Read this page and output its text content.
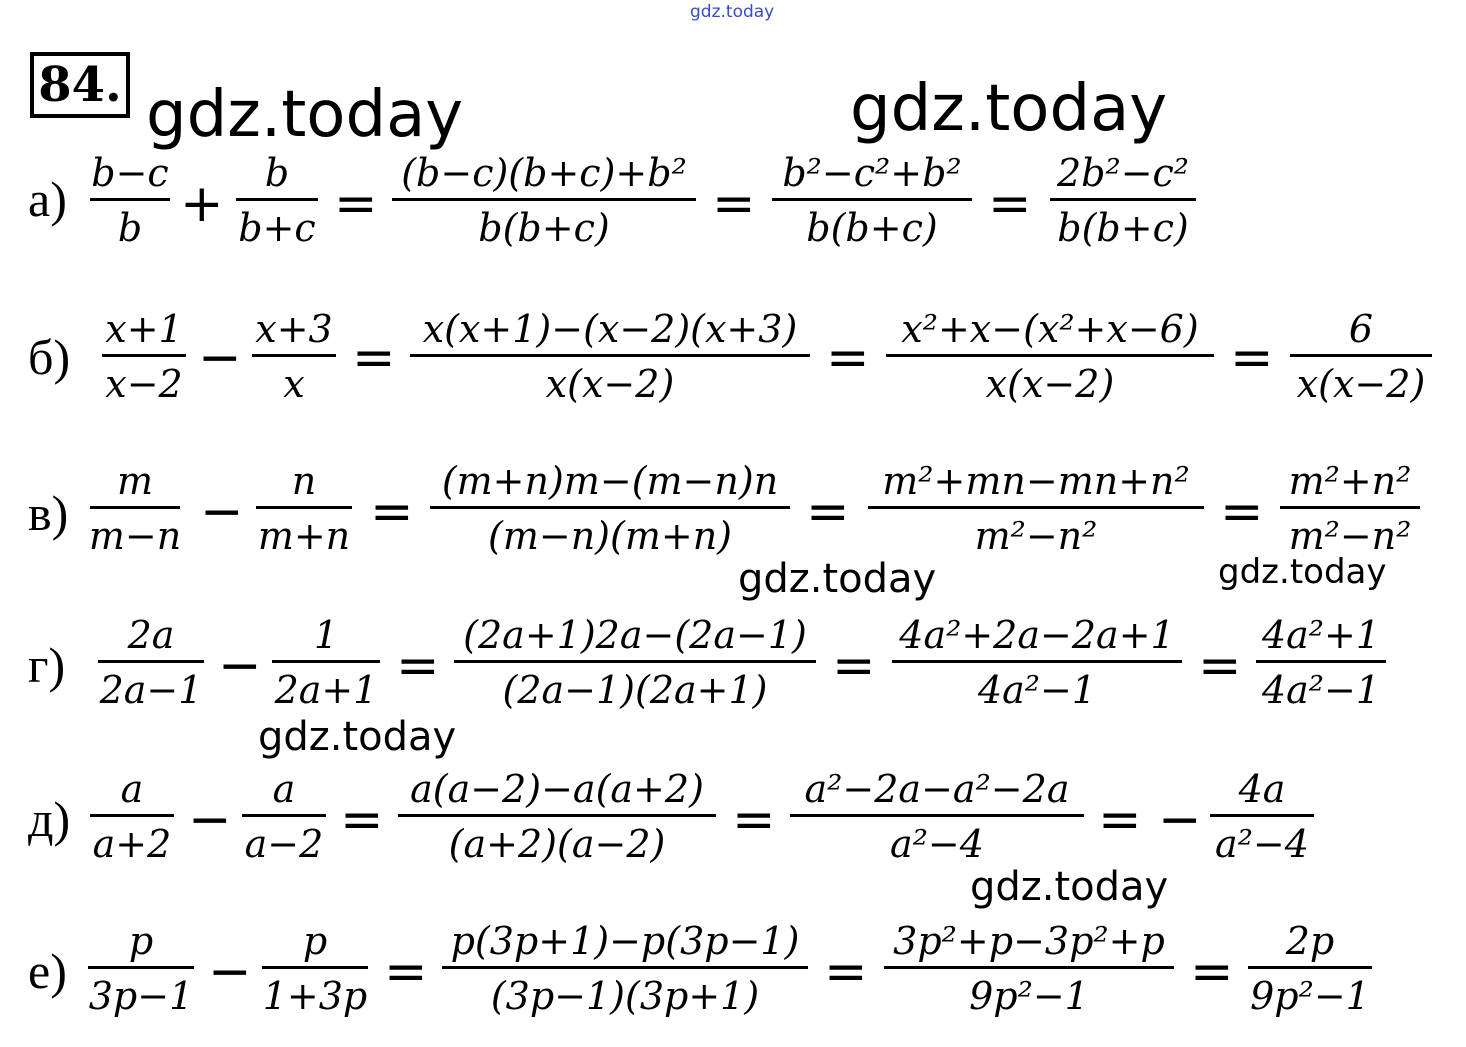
gdz.today
gdz.today	gdz.today
gdz.today	gdz.today
gdz.today
gdz.today
84.
а) b−c
b +
b
b+c =
(b−c)(b+c)+b²
b(b+c) =
b²−c²+b²
b(b+c) =
2b²−c²
b(b+c)
б) x+1
x−2 − x+3
x = x(x+1)−(x−2)(x+3)
x(x−2)	= x²+x−(x²+x−6)
x(x−2) = 6
x(x−2)
в)
m
m−n −
n
m+n =
(m+n)m−(m−n)n
(m−n)(m+n) =
m²+mn−mn+n²
m²−n² =
m²+n²
m²−n²
г)
2a
2a−1 −
1
2a+1 =
(2a+1)2a−(2a−1)
(2a−1)(2a+1) =
4a²+2a−2a+1
4a²−1 =
4a²+1
4a²−1
д)
a
a+2 −
a
a−2 =
a(a−2)−a(a+2)
(a+2)(a−2) =
a²−2a−a²−2a
a²−4 = −
4a
a²−4
е)
p
3p−1 −
p
1+3p =
p(3p+1)−p(3p−1)
(3p−1)(3p+1) =
3p²+p−3p²+p
9p²−1 =
2p
9p²−1
